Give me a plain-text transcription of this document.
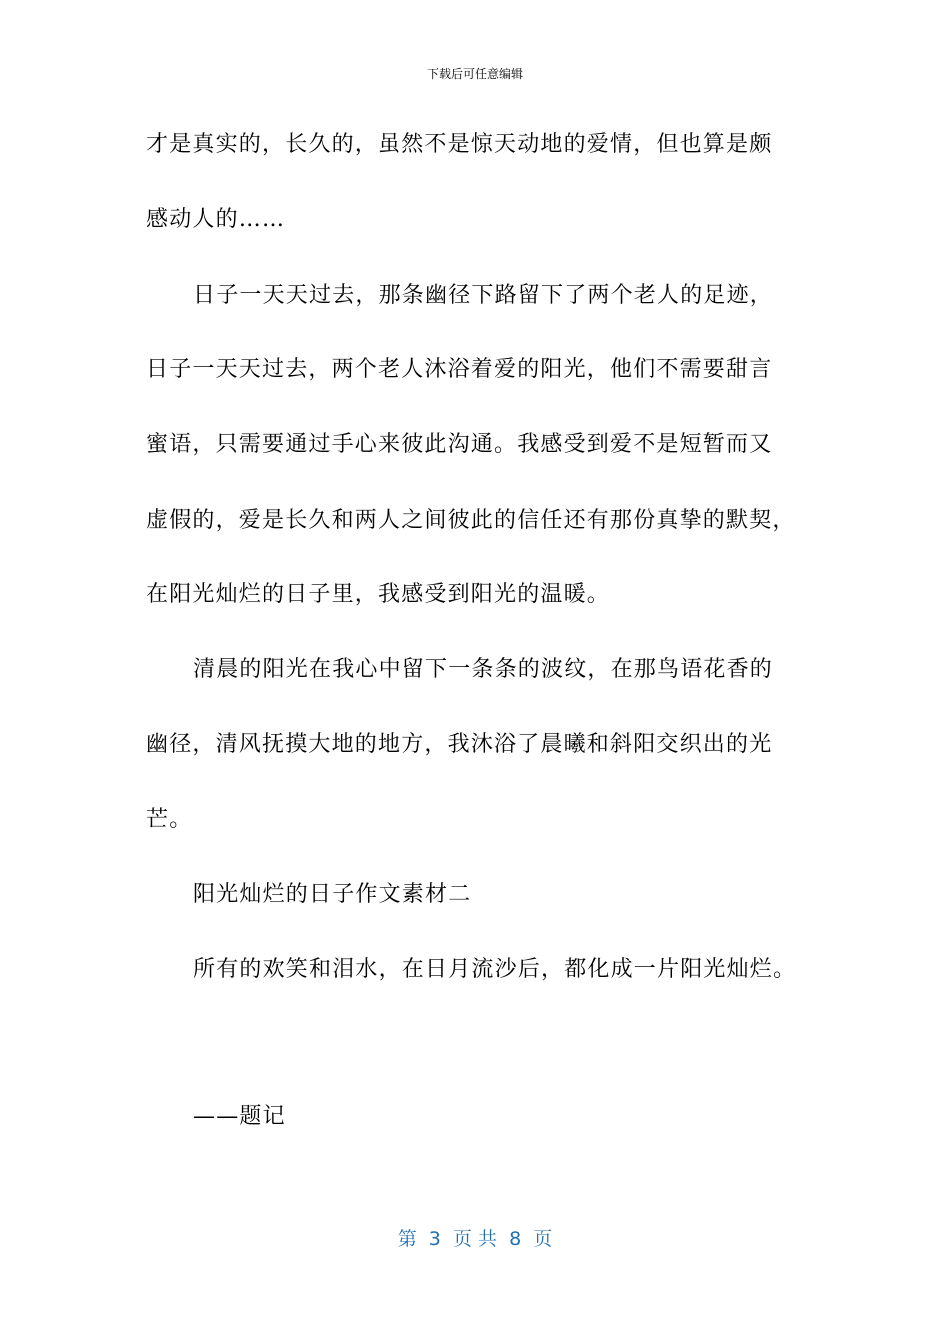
下载后可任意编辑
才是真实的，长久的，虽然不是惊天动地的爱情，但也算是颇
感动人的……
日子一天天过去，那条幽径下路留下了两个老人的足迹，
日子一天天过去，两个老人沐浴着爱的阳光，他们不需要甜言
蜜语，只需要通过手心来彼此沟通。我感受到爱不是短暂而又
虚假的，爱是长久和两人之间彼此的信任还有那份真挚的默契，
在阳光灿烂的日子里，我感受到阳光的温暖。
清晨的阳光在我心中留下一条条的波纹，在那鸟语花香的
幽径，清风抚摸大地的地方，我沐浴了晨曦和斜阳交织出的光
芒。
阳光灿烂的日子作文素材二
所有的欢笑和泪水，在日月流沙后，都化成一片阳光灿烂。
——题记
第  3  页 共  8  页
